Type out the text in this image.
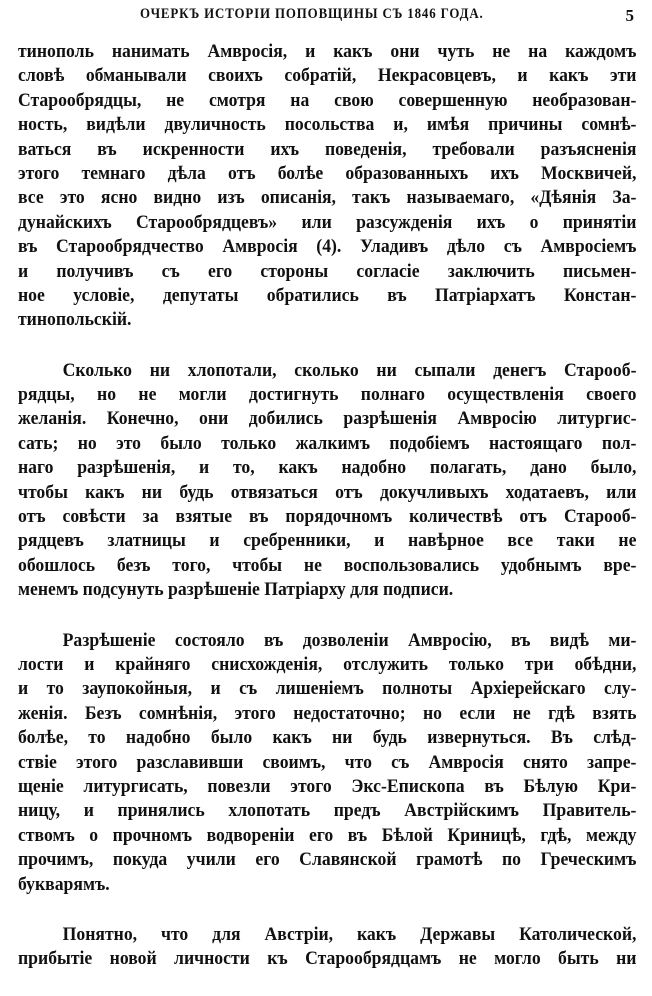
ОЧЕРКЪ ИСТОРIИ ПОПОВЩИНЫ СЪ 1846 ГОДА.	5
тинополь нанимать Амвросiя, и какъ они чуть не на каждомъ
словѣ обманывали своихъ собратiй, Некрасовцевъ, и какъ эти
Старообрядцы, не смотря на свою совершенную необразован-
ность, видѣли двуличность посольства и, имѣя причины сомнѣ-
ваться въ искренности ихъ поведенiя, требовали разъясненiя
этого темнаго дѣла отъ болѣе образованныхъ ихъ Москвичей,
все это ясно видно изъ описанiя, такъ называемаго, «Дѣянiя За-
дунайскихъ Старообрядцевъ» или разсужденiя ихъ о принятiи
въ Старообрядчество Амвросiя (4). Уладивъ дѣло съ Амвросiемъ
и получивъ съ его стороны согласiе заключить письмен-
ное условiе, депутаты обратились въ Патрiархатъ Констан-
тинопольскiй.
Сколько ни хлопотали, сколько ни сыпали денегъ Старооб-
рядцы, но не могли достигнуть полнаго осуществленiя своего
желанiя. Конечно, они добились разрѣшенiя Амвросiю литургис-
сать; но это было только жалкимъ подобiемъ настоящаго пол-
наго разрѣшенiя, и то, какъ надобно полагать, дано было,
чтобы какъ ни будь отвязаться отъ докучливыхъ ходатаевъ, или
отъ совѣсти за взятые въ порядочномъ количествѣ отъ Старооб-
рядцевъ златницы и сребренники, и навѣрное все таки не
обошлось безъ того, чтобы не воспользовались удобнымъ вре-
менемъ подсунуть разрѣшенiе Патрiарху для подписи.
Разрѣшенiе состояло въ дозволенiи Амвросiю, въ видѣ ми-
лости и крайняго снисхожденiя, отслужить только три обѣдни,
и то заупокойныя, и съ лишенiемъ полноты Архiерейскаго слу-
женiя. Безъ сомнѣнiя, этого недостаточно; но если не гдѣ взять
болѣе, то надобно было какъ ни будь извернуться. Въ слѣд-
ствiе этого разславивши своимъ, что съ Амвросiя снято запре-
щенiе литургисать, повезли этого Экс-Епископа въ Бѣлую Кри-
ницу, и принялись хлопотать предъ Австрiйскимъ Правитель-
ствомъ о прочномъ водворенiи его въ Бѣлой Криницѣ, гдѣ, между
прочимъ, покуда учили его Славянской грамотѣ по Греческимъ
букварямъ.
Понятно, что для Австрiи, какъ Державы Католической,
прибытiе новой личности къ Старообрядцамъ не могло быть ни
